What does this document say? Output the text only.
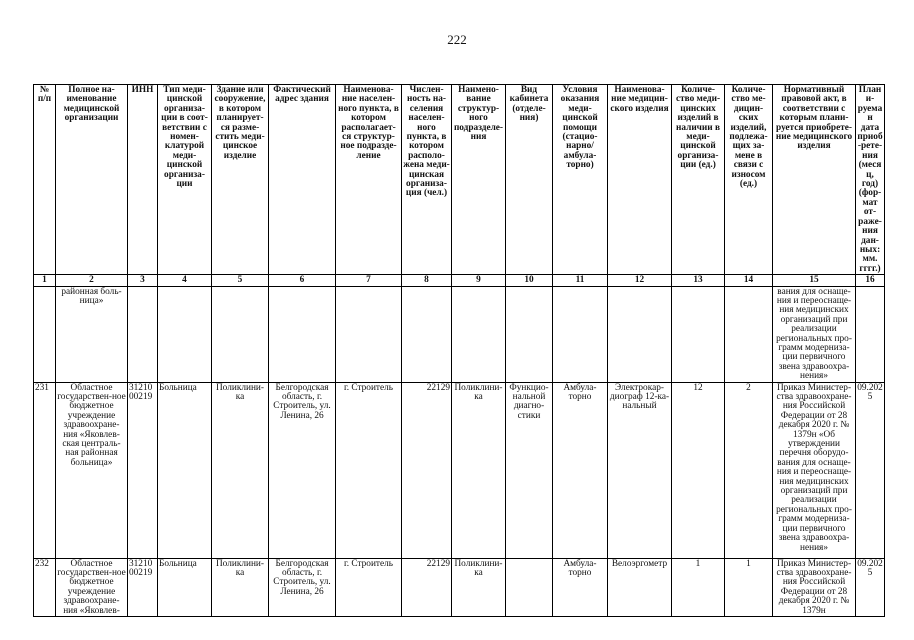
222
№ п/п	Полное на-именование медицинской организации	ИНН	Тип меди-цинской организа-ции в соот-ветствии с номен-клатурой меди-цинской организа-ции	Здание или сооружение, в котором планирует-ся разме-стить меди-цинское изделие	Фактический адрес здания	Наименова-ние населен-ного пункта, в котором располагает-ся структур-ное подразде-ление	Числен-ность на-селения населен-ного пункта, в котором располо-жена меди-цинская организа-ция (чел.)	Наимено-вание структур-ного подразделе-ния	Вид кабинета (отделе-ния)	Условия оказания меди-цинской помощи (стацио-нарно/ амбула-торно)	Наименова-ние медицин-ского изделия	Количе-ство меди-цинских изделий в наличии в меди-цинской организа-ции (ед.)	Количе-ство ме-дицин-ских изделий, подлежа-щих за-мене в связи с износом (ед.)	Нормативный правовой акт, в соответствии с которым плани-руется приобрете-ние медицинского изделия	Плани-руеман дата приоб-рете-ния (месяц, год) (фор-мат от-раже-ния дан-ных: мм. гггг.)
1	2	3	4	5	6	7	8	9	10	11	12	13	14	15	16
	районная боль-ница»													вания для оснаще-ния и переоснаще-ния медицинских организаций при реализации региональных про-грамм модерниза-ции первичного звена здравоохра-нения»	
231	Областное государствен-ное бюджетное учреждение здравоохране-ния «Яковлев-ская централь-ная районная больница»	31210 00219	Больница	Поликлини-ка	Белгородская область, г. Строитель, ул. Ленина, 26	г. Строитель	22129	Поликлини-ка	Функцио-нальной диагно-стики	Амбула-торно	Электрокар-диограф 12-ка-нальный	12	2	Приказ Министер-ства здравоохране-ния Российской Федерации от 28 декабря 2020 г. № 1379н «Об утверждении перечня оборудо-вания для оснаще-ния и переоснаще-ния медицинских организаций при реализации региональных про-грамм модерниза-ции первичного звена здравоохра-нения»	09.2025
232	Областное государствен-ное бюджетное учреждение здравоохране-ния «Яковлев-	31210 00219	Больница	Поликлини-ка	Белгородская область, г. Строитель, ул. Ленина, 26	г. Строитель	22129	Поликлини-ка		Амбула-торно	Велоэргометр	1	1	Приказ Министер-ства здравоохране-ния Российской Федерации от 28 декабря 2020 г. № 1379н	09.2025
